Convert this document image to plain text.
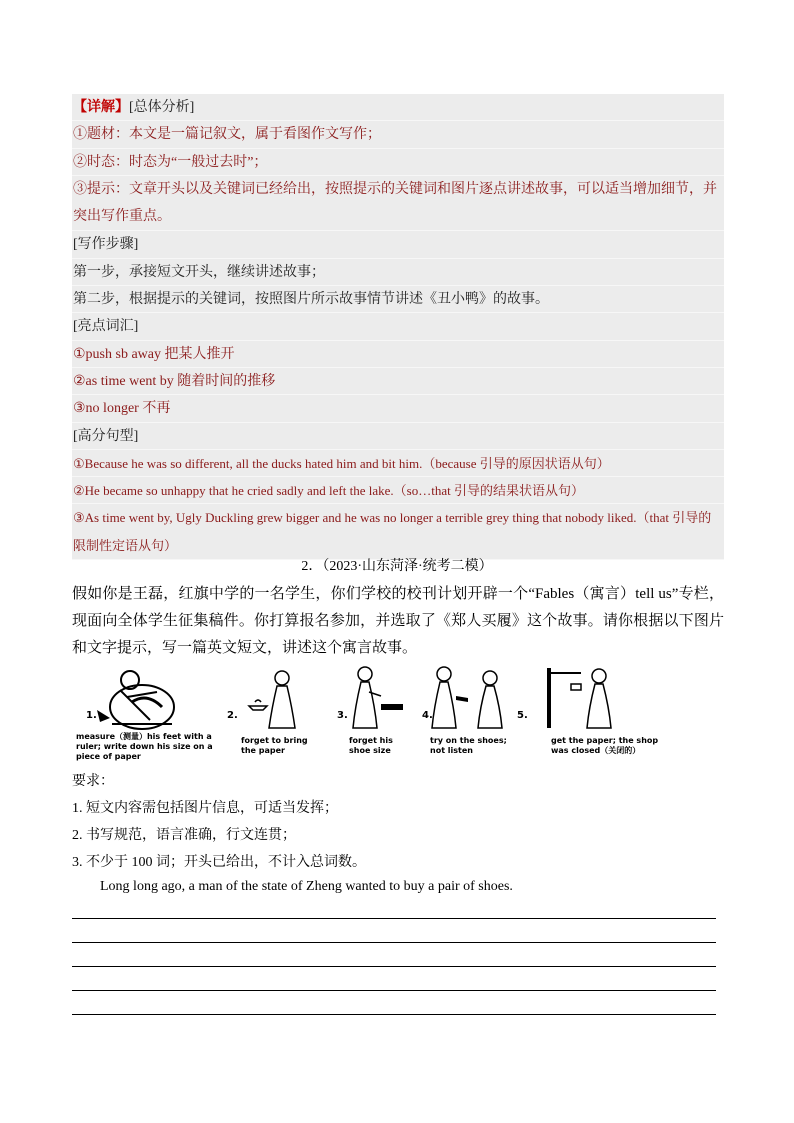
【详解】[总体分析]
①题材：本文是一篇记叙文，属于看图作文写作；
②时态：时态为“一般过去时”；
③提示：文章开头以及关键词已经给出，按照提示的关键词和图片逐点讲述故事，可以适当增加细节，并突出写作重点。
[写作步骤]
第一步，承接短文开头，继续讲述故事；
第二步，根据提示的关键词，按照图片所示故事情节讲述《丑小鸭》的故事。
[亮点词汇]
①push sb away 把某人推开
②as time went by 随着时间的推移
③no longer 不再
[高分句型]
①Because he was so different, all the ducks hated him and bit him.（because 引导的原因状语从句）
②He became so unhappy that he cried sadly and left the lake.（so…that 引导的结果状语从句）
③As time went by, Ugly Duckling grew bigger and he was no longer a terrible grey thing that nobody liked.（that 引导的限制性定语从句）
2．（2023·山东菏泽·统考二模）
假如你是王磊，红旗中学的一名学生，你们学校的校刊计划开辟一个“Fables（寓言）tell us”专栏，现面向全体学生征集稿件。你打算报名参加，并选取了《郑人买履》这个故事。请你根据以下图片和文字提示，写一篇英文短文，讲述这个寓言故事。
1.
measure（测量）his feet with a
ruler; write down his size on a
piece of paper
2.
forget to bring
the paper
3.
forget his
shoe size
4.
try on the shoes;
not listen
5.
get the paper; the shop
was closed（关闭的）
要求：
1. 短文内容需包括图片信息，可适当发挥；
2. 书写规范，语言准确，行文连贯；
3. 不少于 100 词；开头已给出，不计入总词数。
Long long ago, a man of the state of Zheng wanted to buy a pair of shoes.
